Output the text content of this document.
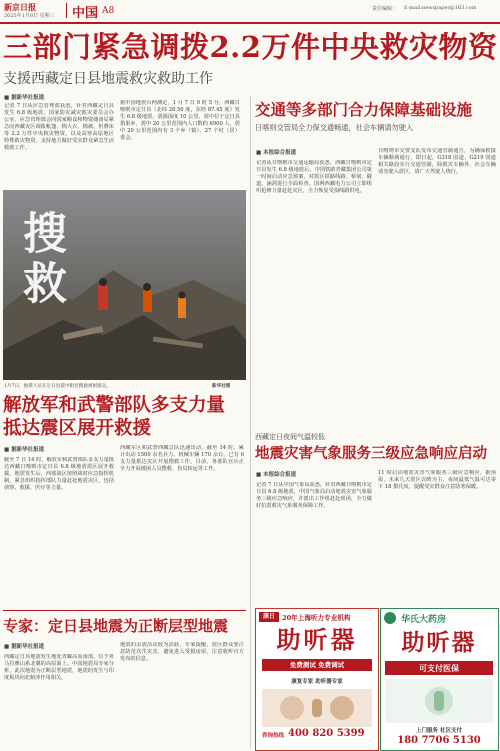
新京日报
2025年1月8日 星期三 中国 A8	责任编辑： E-mail:newspaper@163.com
三部门紧急调拨2.2万件中央救灾物资
支援西藏定日县地震救灾救助工作
■ 据新华社报道
记者 7 日从应急管理部获悉，针对西藏定日县发生 6.8 级地震，国家防灾减灾救灾委员会办公室、应急管理部会同国家粮食和物资储备局紧急向西藏灾区调拨帐篷、棉大衣、棉被、折叠床等 2.2 万件中央救灾物资，以及高寒高原地区特殊救灾物资，支持地方做好受灾群众紧急生活救助工作。
据中国地震台网测定，1 月 7 日 9 时 5 分，西藏日喀则市定日县（北纬 28.50 度，东经 87.45 度）发生 6.8 级地震，震源深度 10 公里。震中位于定日县措果乡，震中 20 公里范围内人口数约 6900 人，震中 20 公里范围内有 3 个乡（镇）、27 个村（居）委会。
搜救
1月7日，救援人员在定日县震中附近搜救被困群众。	新华社图
解放军和武警部队多支力量
抵达震区展开救援
■ 据新华社报道
截至 7 日 14 时，解放军和武警部队多支力量抵达西藏日喀则市定日县 6.8 级地震震区展开救援。地震发生后，西部战区按照战时应急指挥机制，紧急组织指挥部队力量赶赴地震灾区，包括侦察、救援、医疗等力量。
西藏军区和武警西藏总队迅速出动，截至 14 时，累计出动 1500 余名兵力、机械车辆 170 余台，已有 6 支力量抵达灾区开展搜救工作。目前，各部队官兵正全力开展被困人员搜救、伤员转运等工作。
专家：定日县地震为正断层型地震
■ 据新华社报道
西藏定日县地震发生地处青藏高原南部，位于喜马拉雅山系北翼的高原面上。中国地震局专家分析，此次地震为正断层型地震，地震的发生与印度板块向北俯冲作用相关。
地震的余震活动较为活跃，专家提醒，震区群众要注意防范次生灾害，避免进入受损房屋，注意收听官方发布的信息。
交通等多部门合力保障基础设施
日喀则交管局全力保交通畅通，社会车辆请勿驶入
■ 本报综合报道
记者从日喀则市交通运输局获悉，西藏日喀则市定日县发生 6.8 级地震后，中国铁路青藏集团公司第一时间启动应急预案，对震区铁路线路、桥梁、隧道、涵洞进行全面检查。国网西藏电力公司立即组织抢修力量赶赴灾区，全力恢复受损线路供电。
日喀则市交警支队发布交通管制通告，为确保救援车辆顺利通行，即日起，G318 国道、G219 国道相关路段实行交通管制，除救灾车辆外，社会车辆请勿驶入震区，请广大驾驶人绕行。
西藏定日夜间气温较低
地震灾害气象服务三级应急响应启动
■ 本报综合报道
记者 7 日从中国气象局获悉，针对西藏日喀则市定日县 6.8 级地震，中国气象局启动地震灾害气象服务三级应急响应，并派出工作组赶赴现场，全力做好抗震救灾气象服务保障工作。
11 时启动地震灾害气象服务三级应急响应。据预报，未来几天震区以晴为主，夜间最低气温可达零下 18 摄氏度，提醒受灾群众注意防寒保暖。
康日	20年上海听力专业机构
助听器
免费测试 免费调试
康复专家 助听器专家
咨询热线 400 820 5399
华氏大药房
助听器
可支付医保
上门服务 社区支付
180 7706 5130
